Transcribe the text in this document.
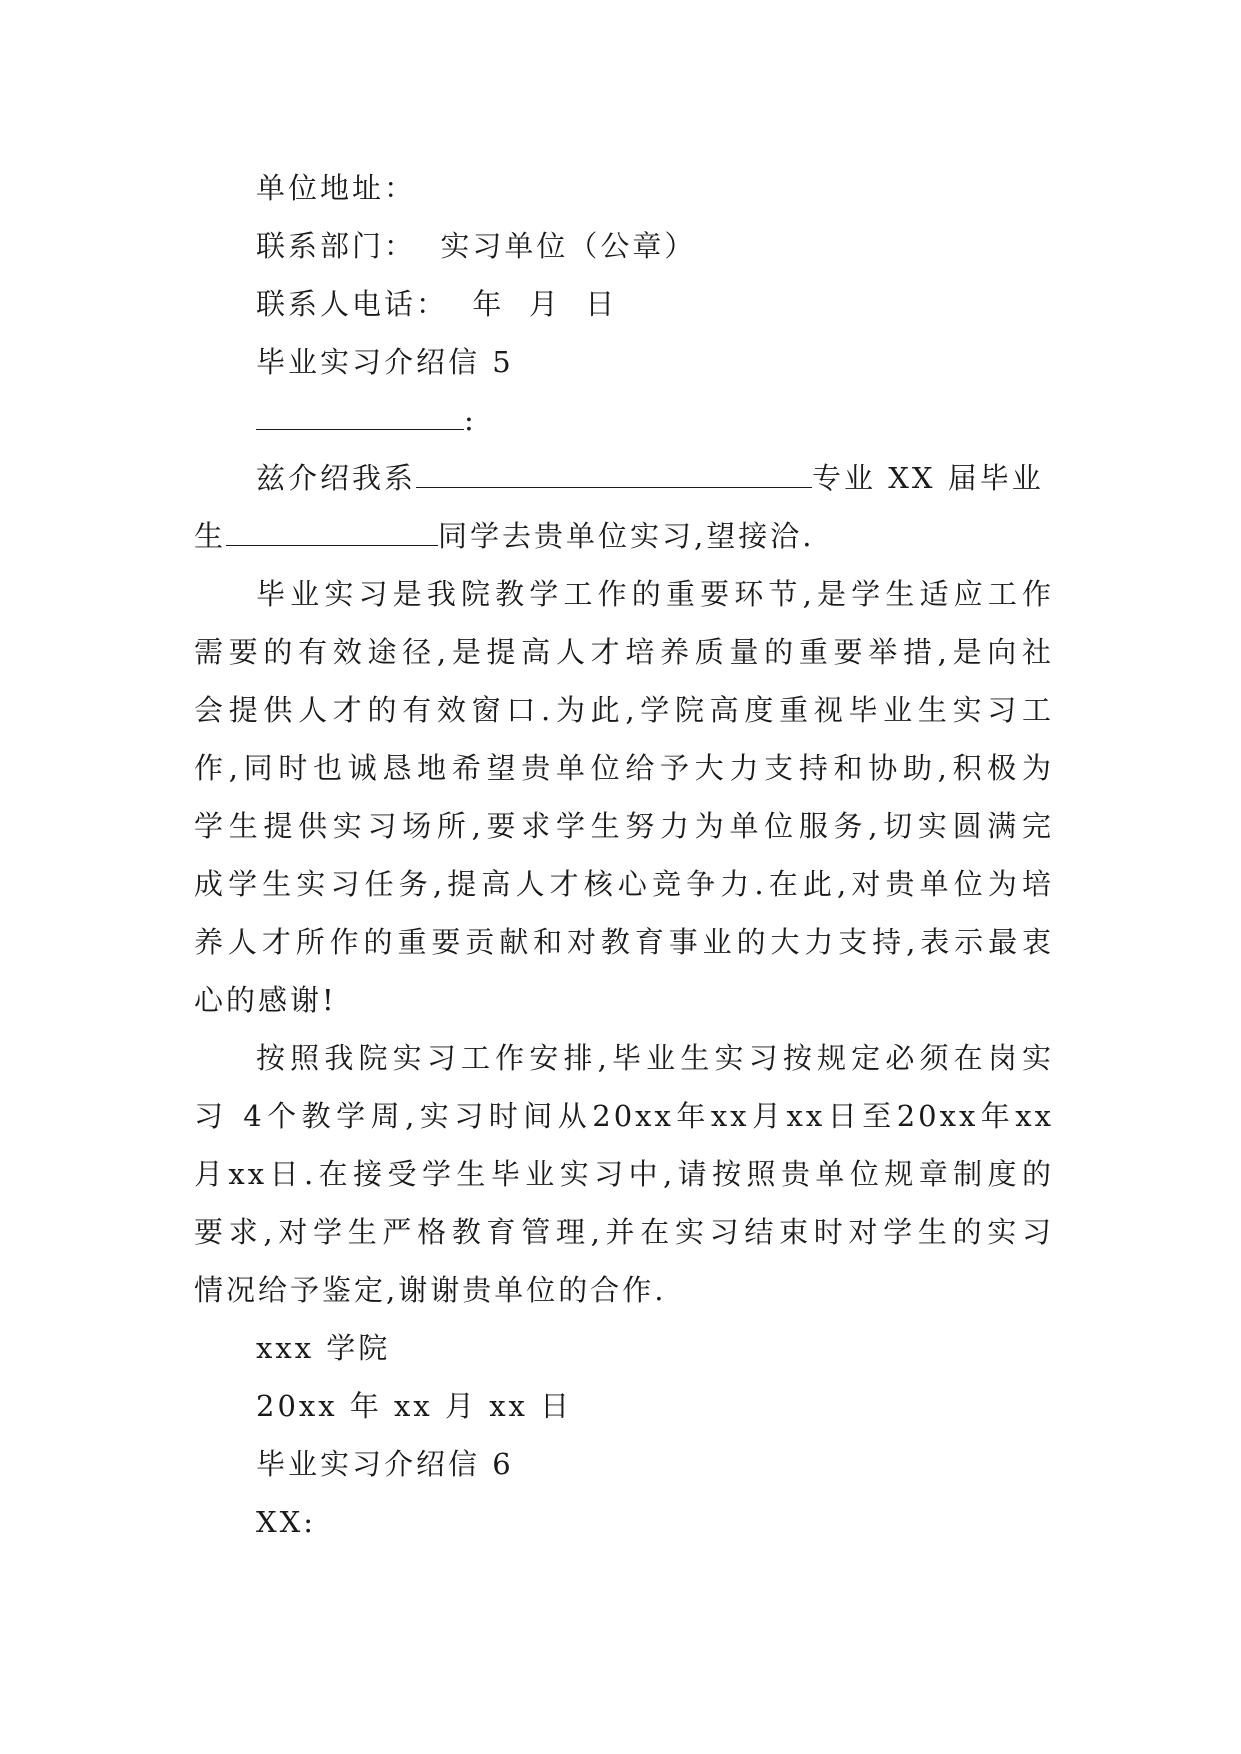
单位地址：
联系部门：  实习单位（公章）
联系人电话：  年  月  日
毕业实习介绍信 5
:
兹介绍我系	专业 XX 届毕业
生	同学去贵单位实习,望接洽.
毕业实习是我院教学工作的重要环节,是学生适应工作
需要的有效途径,是提高人才培养质量的重要举措,是向社
会提供人才的有效窗口.为此,学院高度重视毕业生实习工
作,同时也诚恳地希望贵单位给予大力支持和协助,积极为
学生提供实习场所,要求学生努力为单位服务,切实圆满完
成学生实习任务,提高人才核心竞争力.在此,对贵单位为培
养人才所作的重要贡献和对教育事业的大力支持,表示最衷
心的感谢!
按照我院实习工作安排,毕业生实习按规定必须在岗实
习 4个教学周,实习时间从20xx年xx月xx日至20xx年xx
月xx日.在接受学生毕业实习中,请按照贵单位规章制度的
要求,对学生严格教育管理,并在实习结束时对学生的实习
情况给予鉴定,谢谢贵单位的合作.
xxx 学院
20xx 年 xx 月 xx 日
毕业实习介绍信 6
XX:
